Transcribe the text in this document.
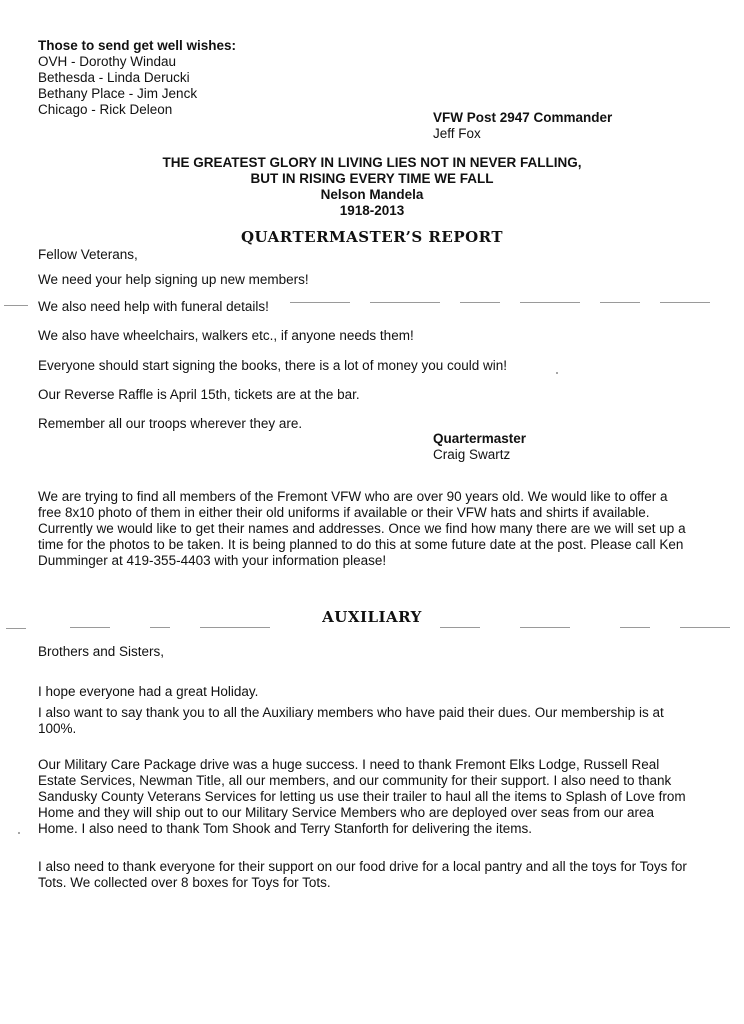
Those to send get well wishes:
OVH - Dorothy Windau
Bethesda - Linda Derucki
Bethany Place - Jim Jenck
Chicago - Rick Deleon
VFW Post 2947 Commander
Jeff Fox
THE GREATEST GLORY IN LIVING LIES NOT IN NEVER FALLING,
BUT IN RISING EVERY TIME WE FALL
Nelson Mandela
1918-2013
QUARTERMASTER’S REPORT
Fellow Veterans,
We need your help signing up new members!
We also need help with funeral details!
We also have wheelchairs, walkers etc., if anyone needs them!
Everyone should start signing the books, there is a lot of money you could win!
Our Reverse Raffle is April 15th, tickets are at the bar.
Remember all our troops wherever they are.
Quartermaster
Craig Swartz
We are trying to find all members of the Fremont VFW who are over 90 years old. We would like to offer a
free 8x10 photo of them in either their old uniforms if available or their VFW hats and shirts if available.
Currently we would like to get their names and addresses. Once we find how many there are we will set up a
time for the photos to be taken. It is being planned to do this at some future date at the post. Please call Ken
Dumminger at 419-355-4403 with your information please!
AUXILIARY
Brothers and Sisters,
I hope everyone had a great Holiday.
I also want to say thank you to all the Auxiliary members who have paid their dues. Our membership is at
100%.
Our Military Care Package drive was a huge success. I need to thank Fremont Elks Lodge, Russell Real
Estate Services, Newman Title, all our members, and our community for their support. I also need to thank
Sandusky County Veterans Services for letting us use their trailer to haul all the items to Splash of Love from
Home and they will ship out to our Military Service Members who are deployed over seas from our area
Home. I also need to thank Tom Shook and Terry Stanforth for delivering the items.
I also need to thank everyone for their support on our food drive for a local pantry and all the toys for Toys for
Tots. We collected over 8 boxes for Toys for Tots.
